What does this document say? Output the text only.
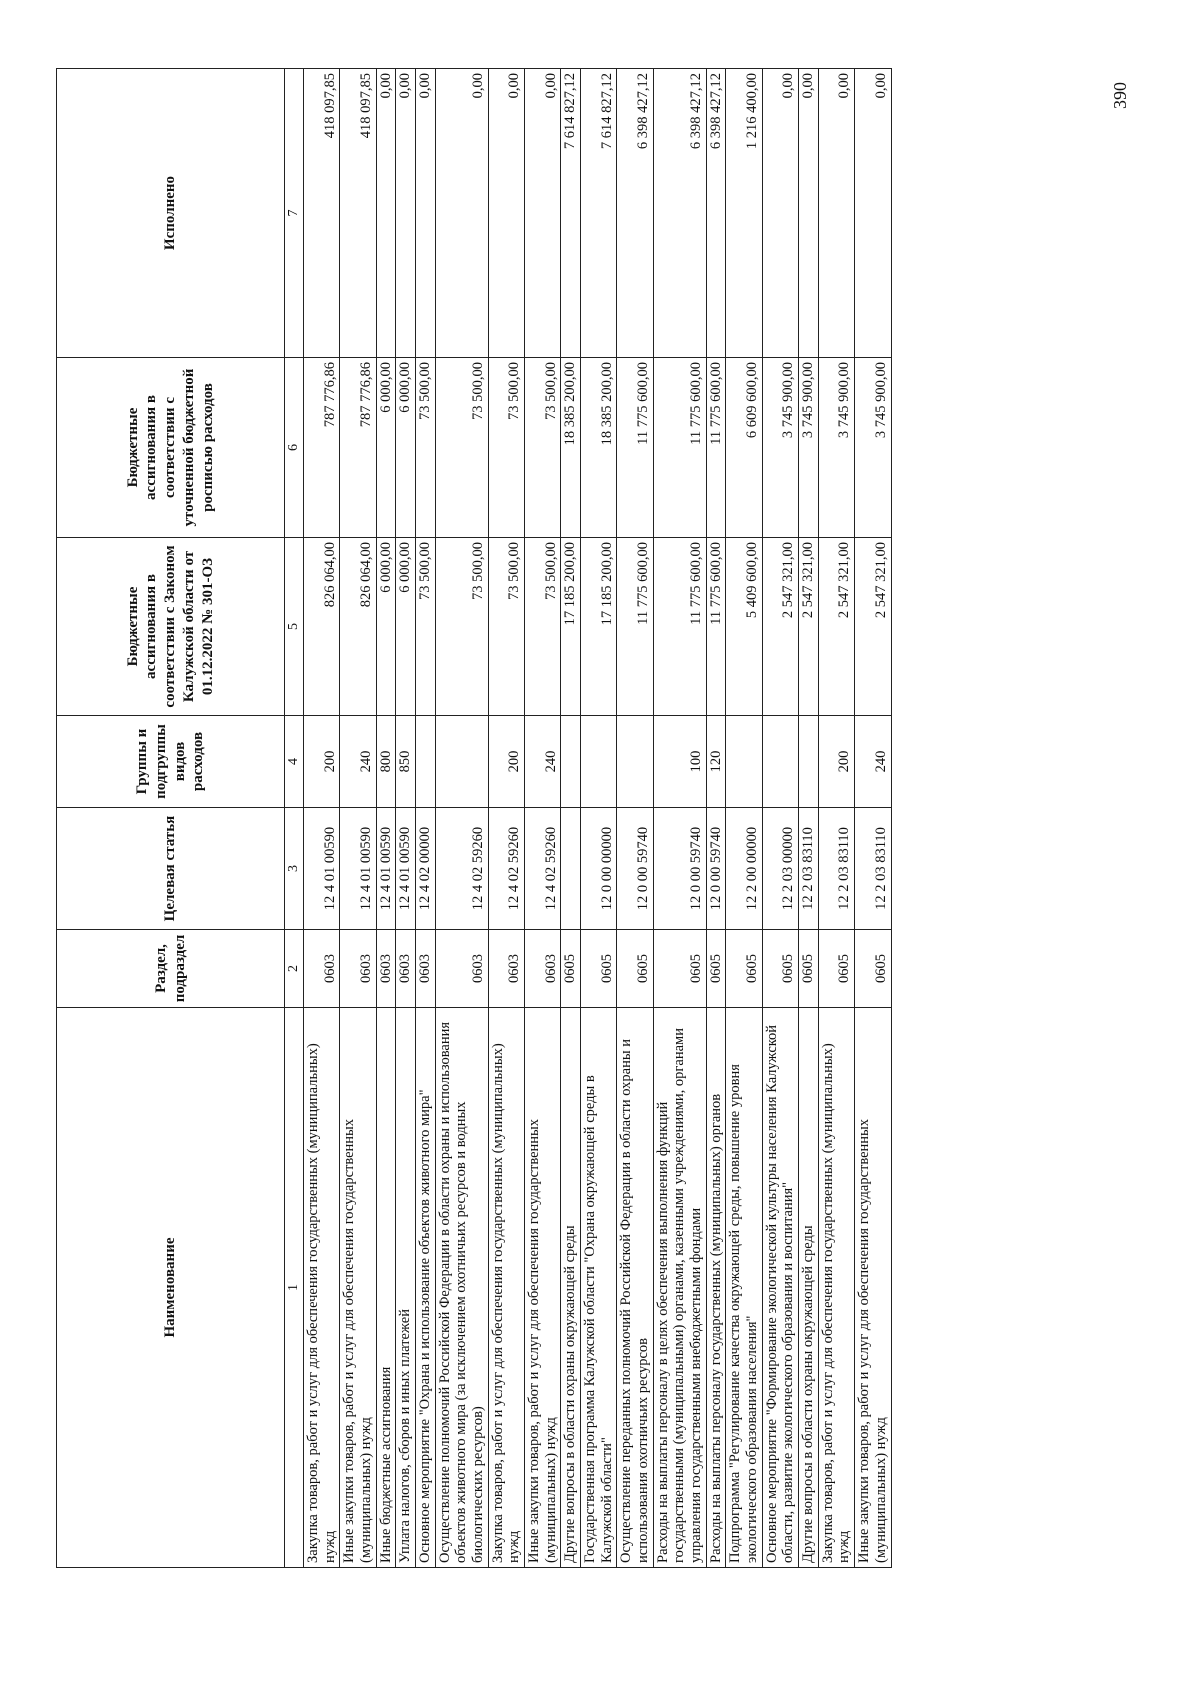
Наименование	Раздел, подраздел	Целевая статья	Группы и подгруппы видов расходов	Бюджетные ассигнования в соответствии с Законом Калужской области от 01.12.2022 № 301-ОЗ	Бюджетные ассигнования в соответствии с уточненной бюджетной росписью расходов	Исполнено
1	2	3	4	5	6	7
Закупка товаров, работ и услуг для обеспечения государственных (муниципальных) нужд	0603	12 4 01 00590	200	826 064,00	787 776,86	418 097,85
Иные закупки товаров, работ и услуг для обеспечения государственных (муниципальных) нужд	0603	12 4 01 00590	240	826 064,00	787 776,86	418 097,85
Иные бюджетные ассигнования	0603	12 4 01 00590	800	6 000,00	6 000,00	0,00
Уплата налогов, сборов и иных платежей	0603	12 4 01 00590	850	6 000,00	6 000,00	0,00
Основное мероприятие "Охрана и использование объектов животного мира"	0603	12 4 02 00000		73 500,00	73 500,00	0,00
Осуществление полномочий Российской Федерации в области охраны и использования объектов животного мира (за исключением охотничьих ресурсов и водных биологических ресурсов)	0603	12 4 02 59260		73 500,00	73 500,00	0,00
Закупка товаров, работ и услуг для обеспечения государственных (муниципальных) нужд	0603	12 4 02 59260	200	73 500,00	73 500,00	0,00
Иные закупки товаров, работ и услуг для обеспечения государственных (муниципальных) нужд	0603	12 4 02 59260	240	73 500,00	73 500,00	0,00
Другие вопросы в области охраны окружающей среды	0605			17 185 200,00	18 385 200,00	7 614 827,12
Государственная программа Калужской области "Охрана окружающей среды в Калужской области"	0605	12 0 00 00000		17 185 200,00	18 385 200,00	7 614 827,12
Осуществление переданных полномочий Российской Федерации в области охраны и использования охотничьих ресурсов	0605	12 0 00 59740		11 775 600,00	11 775 600,00	6 398 427,12
Расходы на выплаты персоналу в целях обеспечения выполнения функций государственными (муниципальными) органами, казенными учреждениями, органами управления государственными внебюджетными фондами	0605	12 0 00 59740	100	11 775 600,00	11 775 600,00	6 398 427,12
Расходы на выплаты персоналу государственных (муниципальных) органов	0605	12 0 00 59740	120	11 775 600,00	11 775 600,00	6 398 427,12
Подпрограмма "Регулирование качества окружающей среды, повышение уровня экологического образования населения"	0605	12 2 00 00000		5 409 600,00	6 609 600,00	1 216 400,00
Основное мероприятие "Формирование экологической культуры населения Калужской области, развитие экологического образования и воспитания"	0605	12 2 03 00000		2 547 321,00	3 745 900,00	0,00
Другие вопросы в области охраны окружающей среды	0605	12 2 03 83110		2 547 321,00	3 745 900,00	0,00
Закупка товаров, работ и услуг для обеспечения государственных (муниципальных) нужд	0605	12 2 03 83110	200	2 547 321,00	3 745 900,00	0,00
Иные закупки товаров, работ и услуг для обеспечения государственных (муниципальных) нужд	0605	12 2 03 83110	240	2 547 321,00	3 745 900,00	0,00	390
